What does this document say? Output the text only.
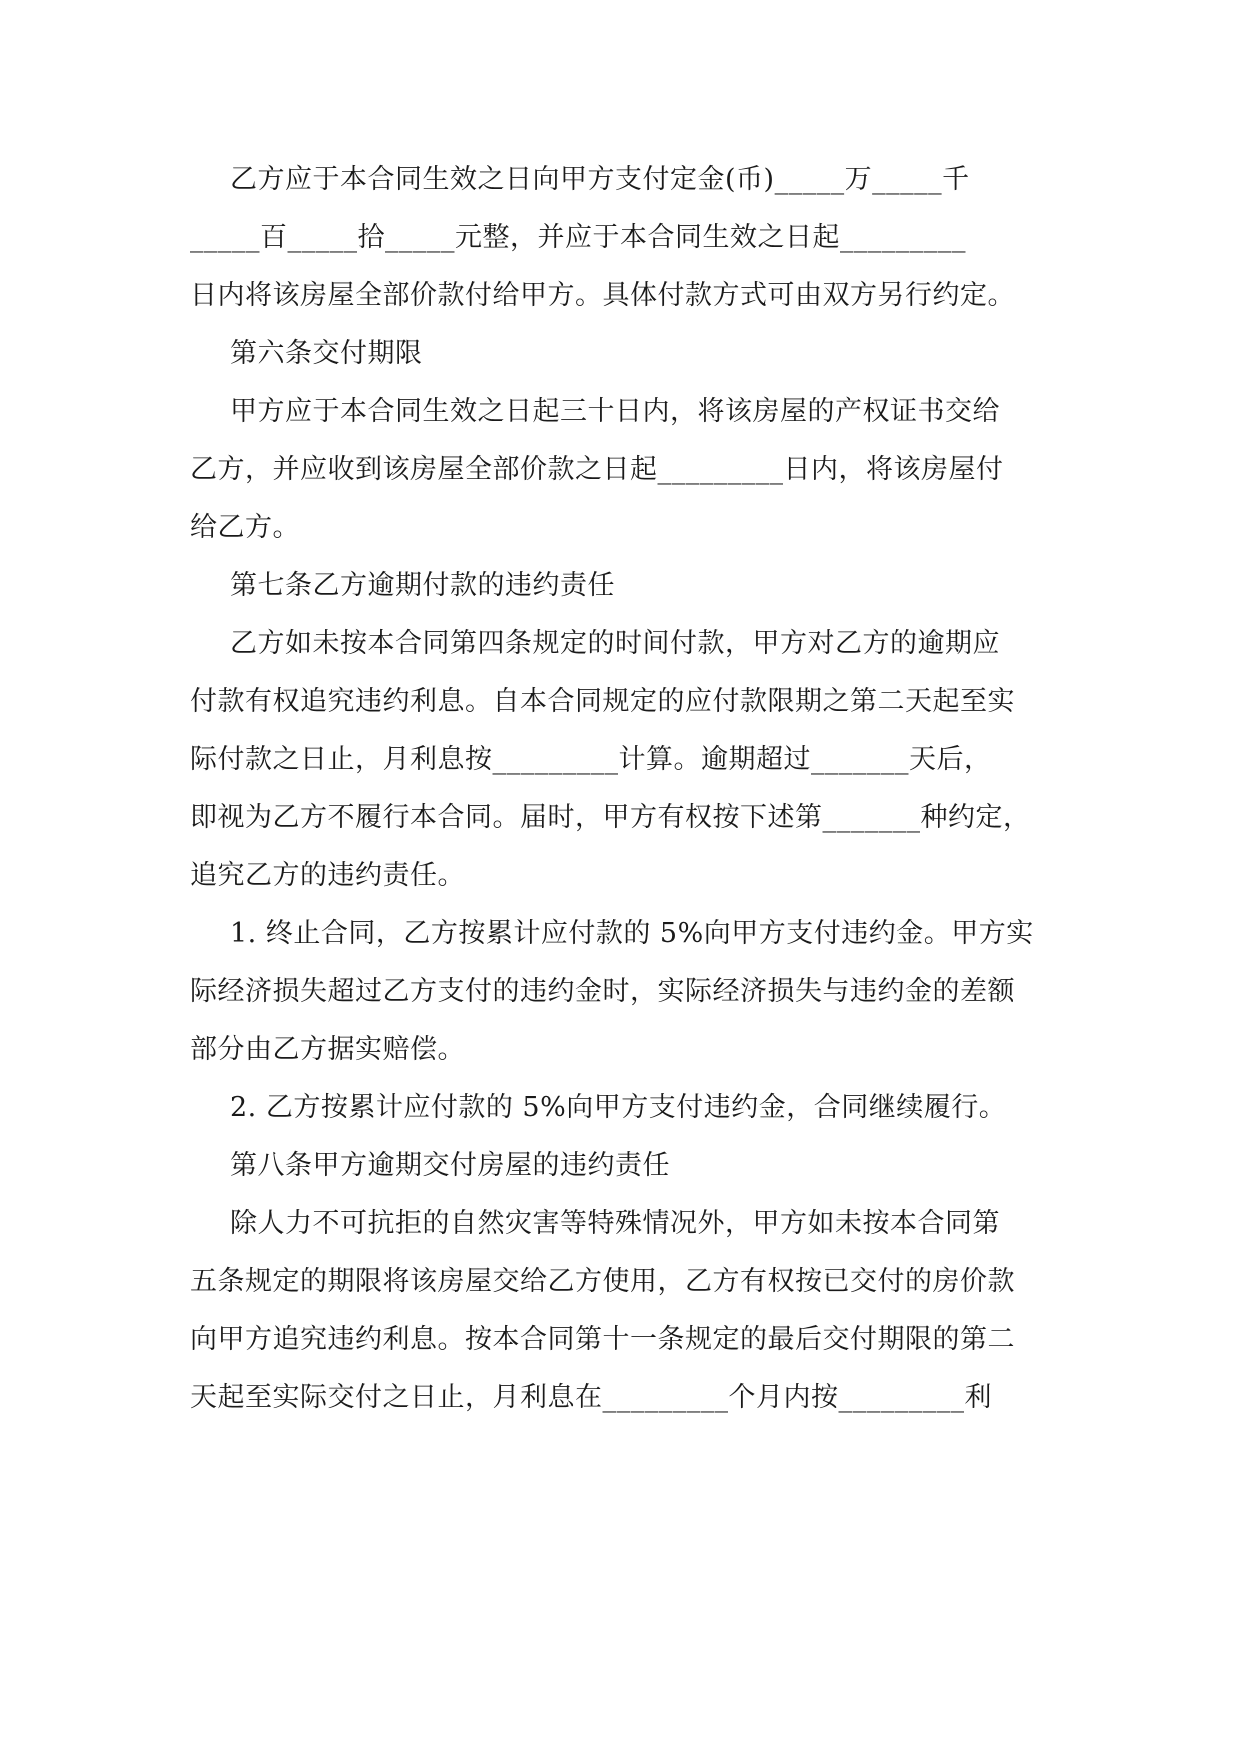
乙方应于本合同生效之日向甲方支付定金(币)_____万_____千
_____百_____拾_____元整，并应于本合同生效之日起_________
日内将该房屋全部价款付给甲方。具体付款方式可由双方另行约定。
第六条交付期限
甲方应于本合同生效之日起三十日内，将该房屋的产权证书交给
乙方，并应收到该房屋全部价款之日起_________日内，将该房屋付
给乙方。
第七条乙方逾期付款的违约责任
乙方如未按本合同第四条规定的时间付款，甲方对乙方的逾期应
付款有权追究违约利息。自本合同规定的应付款限期之第二天起至实
际付款之日止，月利息按_________计算。逾期超过_______天后，
即视为乙方不履行本合同。届时，甲方有权按下述第_______种约定，
追究乙方的违约责任。
1. 终止合同，乙方按累计应付款的 5%向甲方支付违约金。甲方实
际经济损失超过乙方支付的违约金时，实际经济损失与违约金的差额
部分由乙方据实赔偿。
2. 乙方按累计应付款的 5%向甲方支付违约金，合同继续履行。
第八条甲方逾期交付房屋的违约责任
除人力不可抗拒的自然灾害等特殊情况外，甲方如未按本合同第
五条规定的期限将该房屋交给乙方使用，乙方有权按已交付的房价款
向甲方追究违约利息。按本合同第十一条规定的最后交付期限的第二
天起至实际交付之日止，月利息在_________个月内按_________利
